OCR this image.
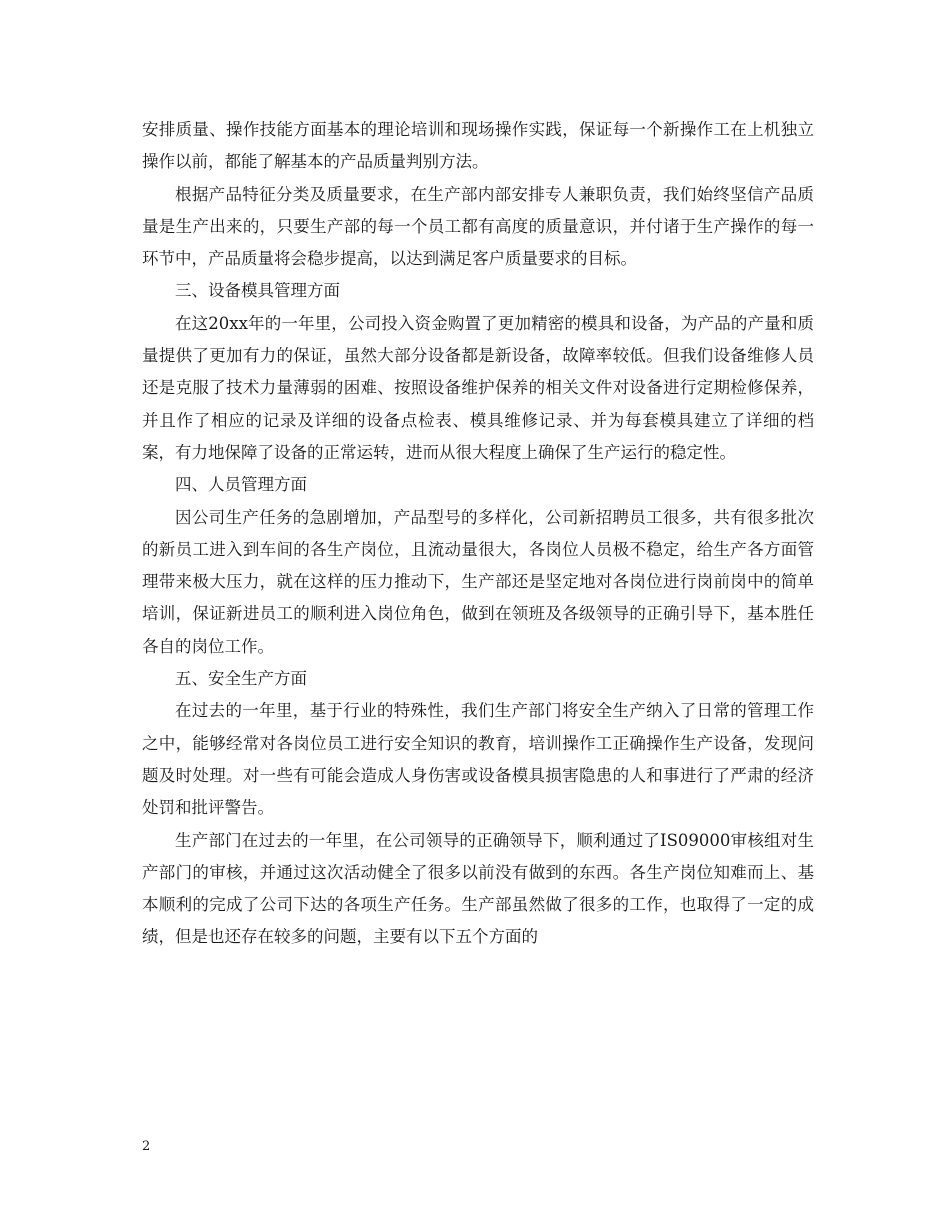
安排质量、操作技能方面基本的理论培训和现场操作实践，保证每一个新操作工在上机独立操作以前，都能了解基本的产品质量判别方法。

根据产品特征分类及质量要求，在生产部内部安排专人兼职负责，我们始终坚信产品质量是生产出来的，只要生产部的每一个员工都有高度的质量意识，并付诸于生产操作的每一环节中，产品质量将会稳步提高，以达到满足客户质量要求的目标。

三、设备模具管理方面

在这20xx年的一年里，公司投入资金购置了更加精密的模具和设备，为产品的产量和质量提供了更加有力的保证，虽然大部分设备都是新设备，故障率较低。但我们设备维修人员还是克服了技术力量薄弱的困难、按照设备维护保养的相关文件对设备进行定期检修保养，并且作了相应的记录及详细的设备点检表、模具维修记录、并为每套模具建立了详细的档案，有力地保障了设备的正常运转，进而从很大程度上确保了生产运行的稳定性。

四、人员管理方面

因公司生产任务的急剧增加，产品型号的多样化，公司新招聘员工很多，共有很多批次的新员工进入到车间的各生产岗位，且流动量很大，各岗位人员极不稳定，给生产各方面管理带来极大压力，就在这样的压力推动下，生产部还是坚定地对各岗位进行岗前岗中的简单培训，保证新进员工的顺利进入岗位角色，做到在领班及各级领导的正确引导下，基本胜任各自的岗位工作。

五、安全生产方面

在过去的一年里，基于行业的特殊性，我们生产部门将安全生产纳入了日常的管理工作之中，能够经常对各岗位员工进行安全知识的教育，培训操作工正确操作生产设备，发现问题及时处理。对一些有可能会造成人身伤害或设备模具损害隐患的人和事进行了严肃的经济处罚和批评警告。

生产部门在过去的一年里，在公司领导的正确领导下，顺利通过了IS09000审核组对生产部门的审核，并通过这次活动健全了很多以前没有做到的东西。各生产岗位知难而上、基本顺利的完成了公司下达的各项生产任务。生产部虽然做了很多的工作，也取得了一定的成绩，但是也还存在较多的问题，主要有以下五个方面的

2
